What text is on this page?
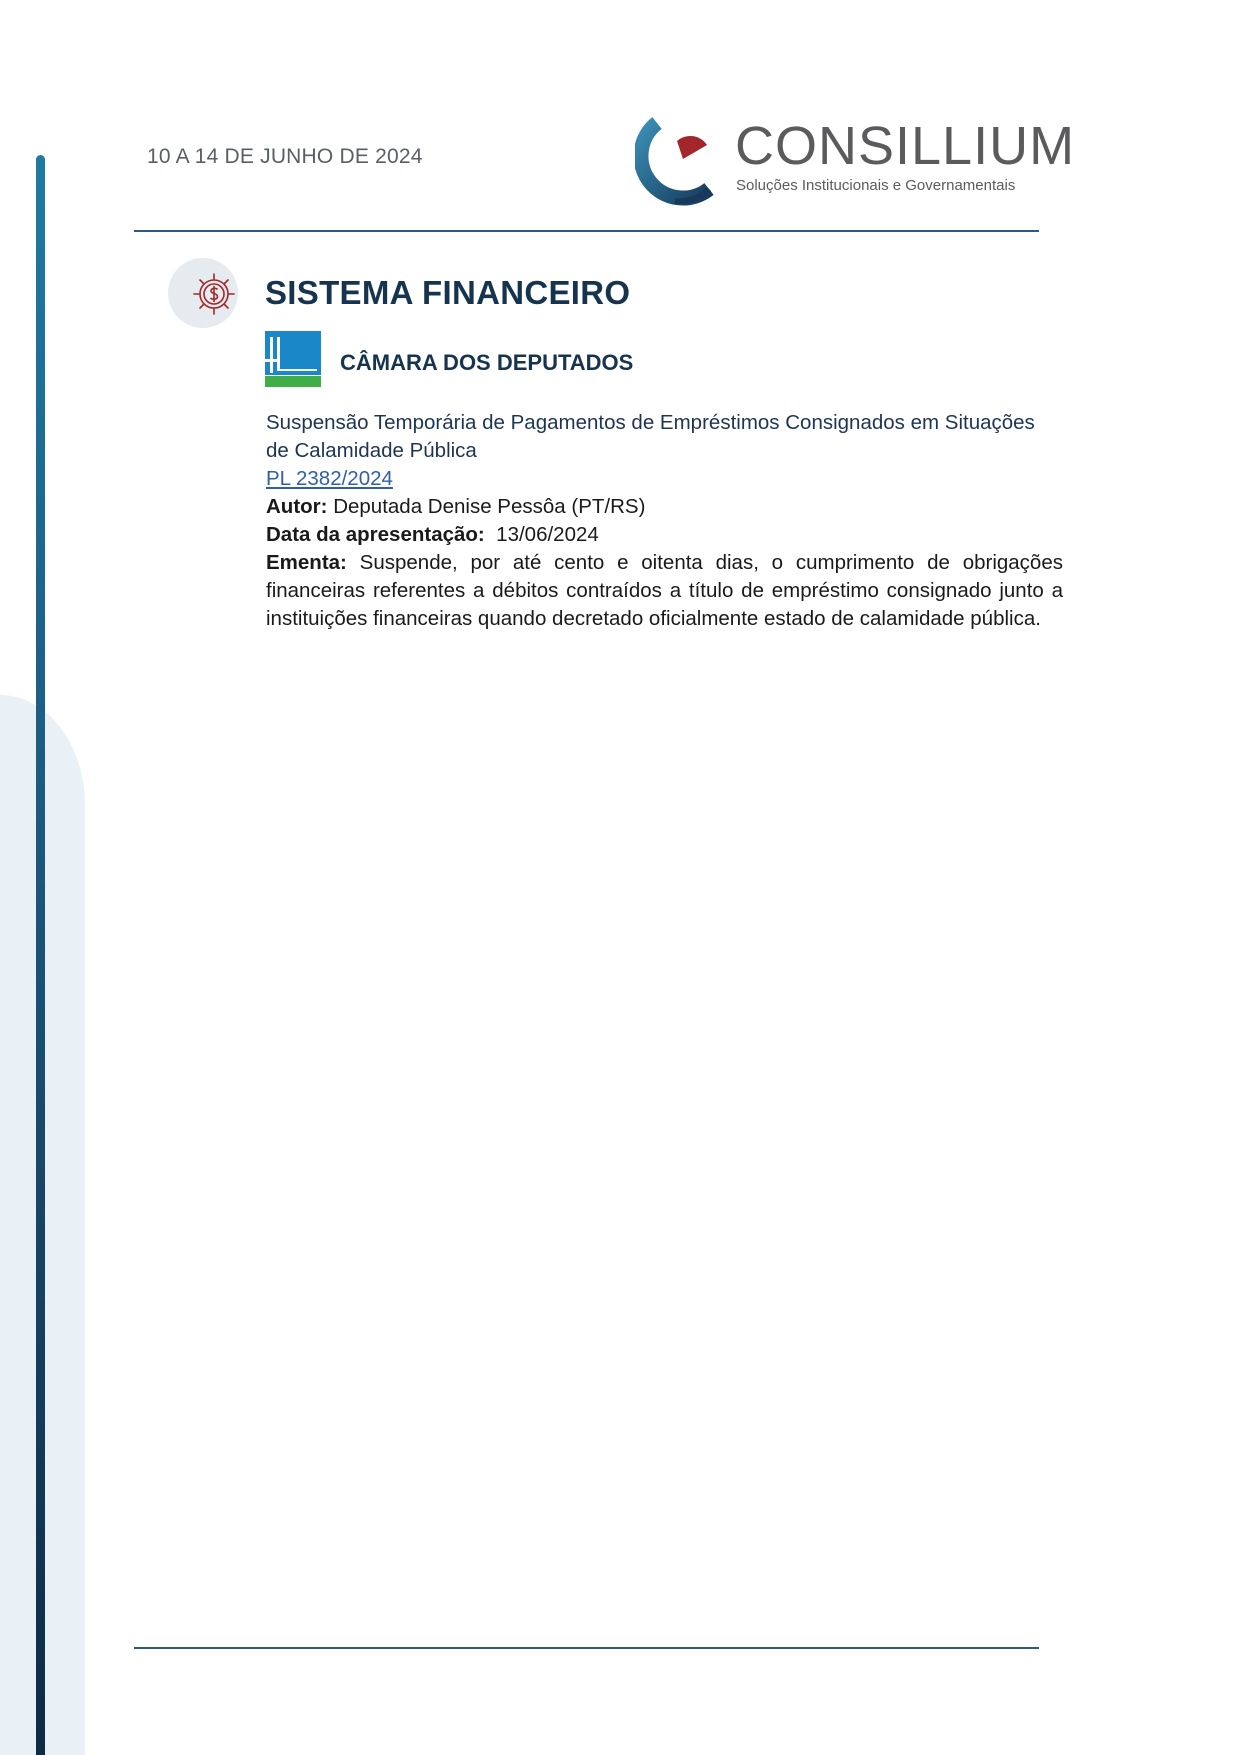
10 A 14 DE JUNHO DE 2024	CONSILLIUM
Soluções Institucionais e Governamentais
SISTEMA FINANCEIRO
CÂMARA DOS DEPUTADOS
Suspensão Temporária de Pagamentos de Empréstimos Consignados em Situações de Calamidade Pública
PL 2382/2024
Autor: Deputada Denise Pessôa (PT/RS)
Data da apresentação: 13/06/2024
Ementa: Suspende, por até cento e oitenta dias, o cumprimento de obrigações financeiras referentes a débitos contraídos a título de empréstimo consignado junto a instituições financeiras quando decretado oficialmente estado de calamidade pública.
